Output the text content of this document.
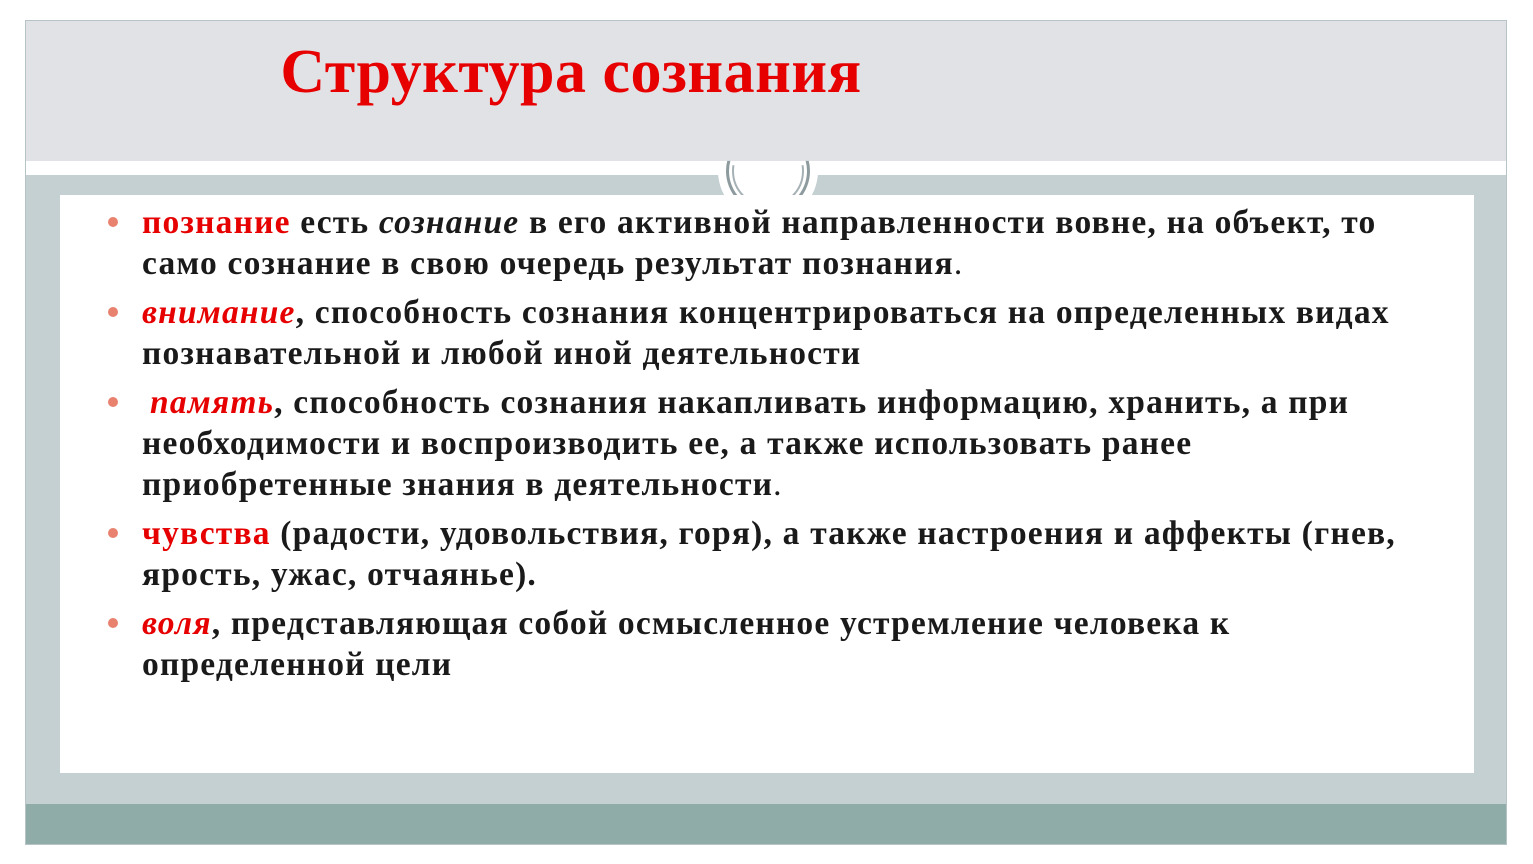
Структура сознания
познание есть сознание в его активной направленности вовне, на объект, то само сознание в свою очередь результат познания.
внимание, способность сознания концентрироваться на определенных видах познавательной и любой иной деятельности
память, способность сознания накапливать информацию, хранить, а при необходимости и воспроизводить ее, а также использовать ранее приобретенные знания в деятельности.
чувства (радости, удовольствия, горя), а также настроения и аффекты (гнев, ярость, ужас, отчаянье).
воля, представляющая собой осмысленное устремление человека к определенной цели
